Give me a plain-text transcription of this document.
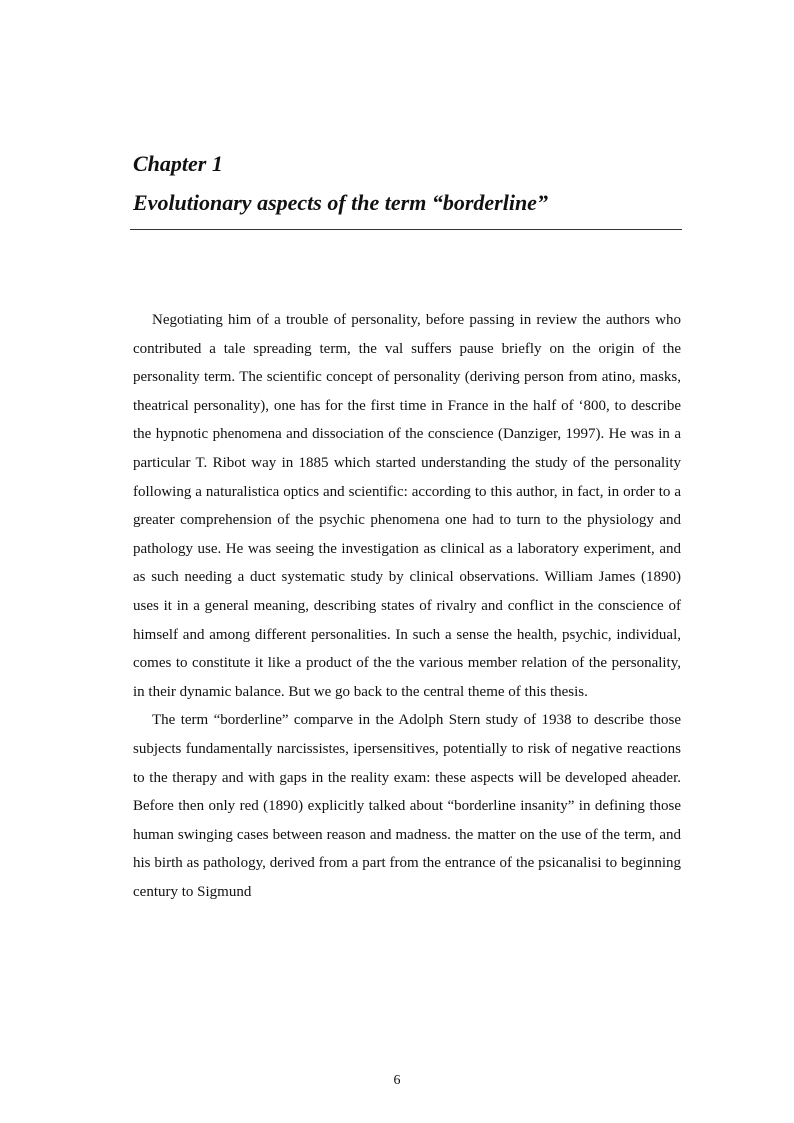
Chapter 1
Evolutionary aspects of the term “borderline”

Negotiating him of a trouble of personality, before passing in review the authors who contributed a tale spreading term, the val suffers pause briefly on the origin of the personality term. The scientific concept of personality (deriving person from atino, masks, theatrical personality), one has for the first time in France in the half of ‘800, to describe the hypnotic phenomena and dissociation of the conscience (Danziger, 1997). He was in a particular T. Ribot way in 1885 which started understanding the study of the personality following a naturalistica optics and scientific: according to this author, in fact, in order to a greater comprehension of the psychic phenomena one had to turn to the physiology and pathology use. He was seeing the investigation as clinical as a laboratory experiment, and as such needing a duct systematic study by clinical observations. William James (1890) uses it in a general meaning, describing states of rivalry and conflict in the conscience of himself and among different personalities. In such a sense the health, psychic, individual, comes to constitute it like a product of the the various member relation of the personality, in their dynamic balance. But we go back to the central theme of this thesis.

The term “borderline” comparve in the Adolph Stern study of 1938 to describe those subjects fundamentally narcissistes, ipersensitives, potentially to risk of negative reactions to the therapy and with gaps in the reality exam: these aspects will be developed aheader. Before then only red (1890) explicitly talked about “borderline insanity” in defining those human swinging cases between reason and madness. the matter on the use of the term, and his birth as pathology, derived from a part from the entrance of the psicanalisi to beginning century to Sigmund

6
